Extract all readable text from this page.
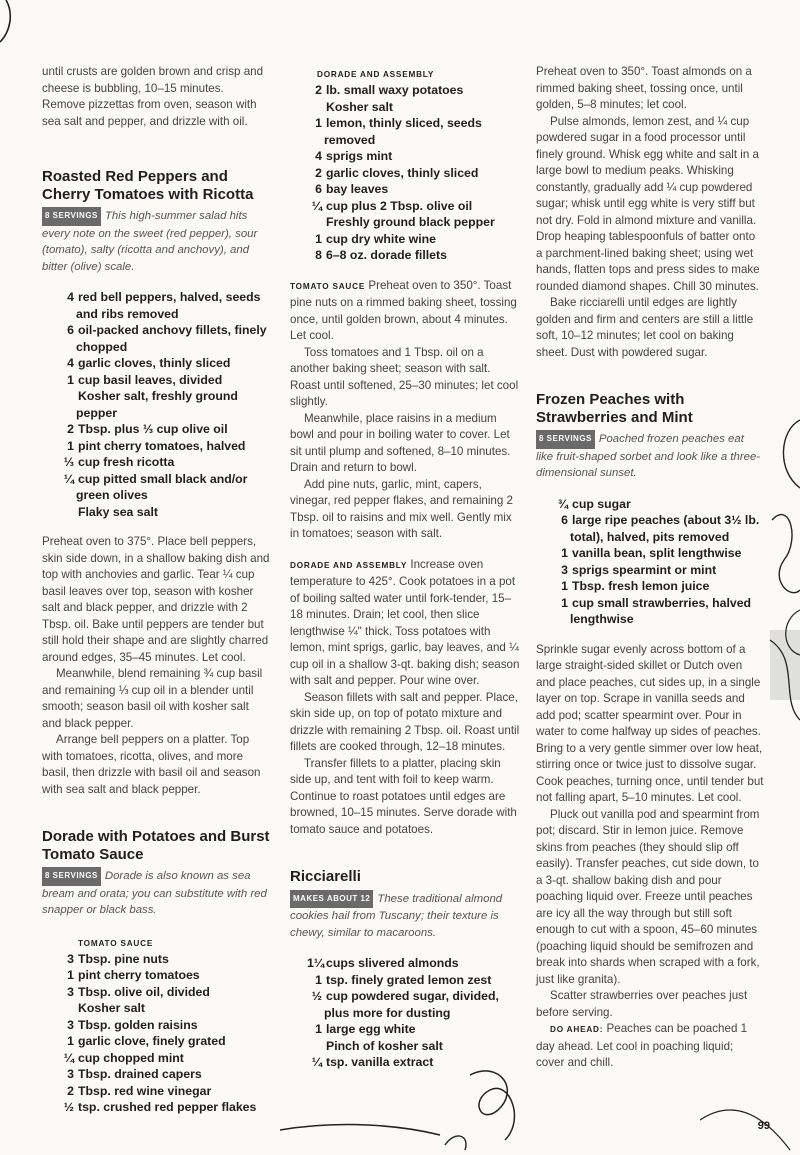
until crusts are golden brown and crisp and cheese is bubbling, 10–15 minutes. Remove pizzettas from oven, season with sea salt and pepper, and drizzle with oil.

Roasted Red Peppers and Cherry Tomatoes with Ricotta

8 SERVINGS This high-summer salad hits every note on the sweet (red pepper), sour (tomato), salty (ricotta and anchovy), and bitter (olive) scale.

4 red bell peppers, halved, seeds and ribs removed
6 oil-packed anchovy fillets, finely chopped
4 garlic cloves, thinly sliced
1 cup basil leaves, divided
Kosher salt, freshly ground pepper
2 Tbsp. plus ⅓ cup olive oil
1 pint cherry tomatoes, halved
⅓ cup fresh ricotta
¼ cup pitted small black and/or green olives
Flaky sea salt

Preheat oven to 375°. Place bell peppers, skin side down, in a shallow baking dish and top with anchovies and garlic. Tear ¼ cup basil leaves over top, season with kosher salt and black pepper, and drizzle with 2 Tbsp. oil. Bake until peppers are tender but still hold their shape and are slightly charred around edges, 35–45 minutes. Let cool.

Meanwhile, blend remaining ¾ cup basil and remaining ⅓ cup oil in a blender until smooth; season basil oil with kosher salt and black pepper.

Arrange bell peppers on a platter. Top with tomatoes, ricotta, olives, and more basil, then drizzle with basil oil and season with sea salt and black pepper.

Dorade with Potatoes and Burst Tomato Sauce

8 SERVINGS Dorade is also known as sea bream and orata; you can substitute with red snapper or black bass.

TOMATO SAUCE

3 Tbsp. pine nuts
1 pint cherry tomatoes
3 Tbsp. olive oil, divided
Kosher salt
3 Tbsp. golden raisins
1 garlic clove, finely grated
¼ cup chopped mint
3 Tbsp. drained capers
2 Tbsp. red wine vinegar
½ tsp. crushed red pepper flakes

DORADE AND ASSEMBLY

2 lb. small waxy potatoes
Kosher salt
1 lemon, thinly sliced, seeds removed
4 sprigs mint
2 garlic cloves, thinly sliced
6 bay leaves
¼ cup plus 2 Tbsp. olive oil
Freshly ground black pepper
1 cup dry white wine
8 6–8 oz. dorade fillets

TOMATO SAUCE Preheat oven to 350°. Toast pine nuts on a rimmed baking sheet, tossing once, until golden brown, about 4 minutes. Let cool.

Toss tomatoes and 1 Tbsp. oil on a another baking sheet; season with salt. Roast until softened, 25–30 minutes; let cool slightly.

Meanwhile, place raisins in a medium bowl and pour in boiling water to cover. Let sit until plump and softened, 8–10 minutes. Drain and return to bowl.

Add pine nuts, garlic, mint, capers, vinegar, red pepper flakes, and remaining 2 Tbsp. oil to raisins and mix well. Gently mix in tomatoes; season with salt.

DORADE AND ASSEMBLY Increase oven temperature to 425°. Cook potatoes in a pot of boiling salted water until fork-tender, 15–18 minutes. Drain; let cool, then slice lengthwise ¼" thick. Toss potatoes with lemon, mint sprigs, garlic, bay leaves, and ¼ cup oil in a shallow 3-qt. baking dish; season with salt and pepper. Pour wine over.

Season fillets with salt and pepper. Place, skin side up, on top of potato mixture and drizzle with remaining 2 Tbsp. oil. Roast until fillets are cooked through, 12–18 minutes.

Transfer fillets to a platter, placing skin side up, and tent with foil to keep warm. Continue to roast potatoes until edges are browned, 10–15 minutes. Serve dorade with tomato sauce and potatoes.

Ricciarelli

MAKES ABOUT 12 These traditional almond cookies hail from Tuscany; their texture is chewy, similar to macaroons.

1¼ cups slivered almonds
1 tsp. finely grated lemon zest
½ cup powdered sugar, divided, plus more for dusting
1 large egg white
Pinch of kosher salt
¼ tsp. vanilla extract

Preheat oven to 350°. Toast almonds on a rimmed baking sheet, tossing once, until golden, 5–8 minutes; let cool.

Pulse almonds, lemon zest, and ¼ cup powdered sugar in a food processor until finely ground. Whisk egg white and salt in a large bowl to medium peaks. Whisking constantly, gradually add ¼ cup powdered sugar; whisk until egg white is very stiff but not dry. Fold in almond mixture and vanilla. Drop heaping tablespoonfuls of batter onto a parchment-lined baking sheet; using wet hands, flatten tops and press sides to make rounded diamond shapes. Chill 30 minutes.

Bake ricciarelli until edges are lightly golden and firm and centers are still a little soft, 10–12 minutes; let cool on baking sheet. Dust with powdered sugar.

Frozen Peaches with Strawberries and Mint

8 SERVINGS Poached frozen peaches eat like fruit-shaped sorbet and look like a three-dimensional sunset.

¾ cup sugar
6 large ripe peaches (about 3½ lb. total), halved, pits removed
1 vanilla bean, split lengthwise
3 sprigs spearmint or mint
1 Tbsp. fresh lemon juice
1 cup small strawberries, halved lengthwise

Sprinkle sugar evenly across bottom of a large straight-sided skillet or Dutch oven and place peaches, cut sides up, in a single layer on top. Scrape in vanilla seeds and add pod; scatter spearmint over. Pour in water to come halfway up sides of peaches. Bring to a very gentle simmer over low heat, stirring once or twice just to dissolve sugar. Cook peaches, turning once, until tender but not falling apart, 5–10 minutes. Let cool.

Pluck out vanilla pod and spearmint from pot; discard. Stir in lemon juice. Remove skins from peaches (they should slip off easily). Transfer peaches, cut side down, to a 3-qt. shallow baking dish and pour poaching liquid over. Freeze until peaches are icy all the way through but still soft enough to cut with a spoon, 45–60 minutes (poaching liquid should be semifrozen and break into shards when scraped with a fork, just like granita).

Scatter strawberries over peaches just before serving.

DO AHEAD: Peaches can be poached 1 day ahead. Let cool in poaching liquid; cover and chill.

99
